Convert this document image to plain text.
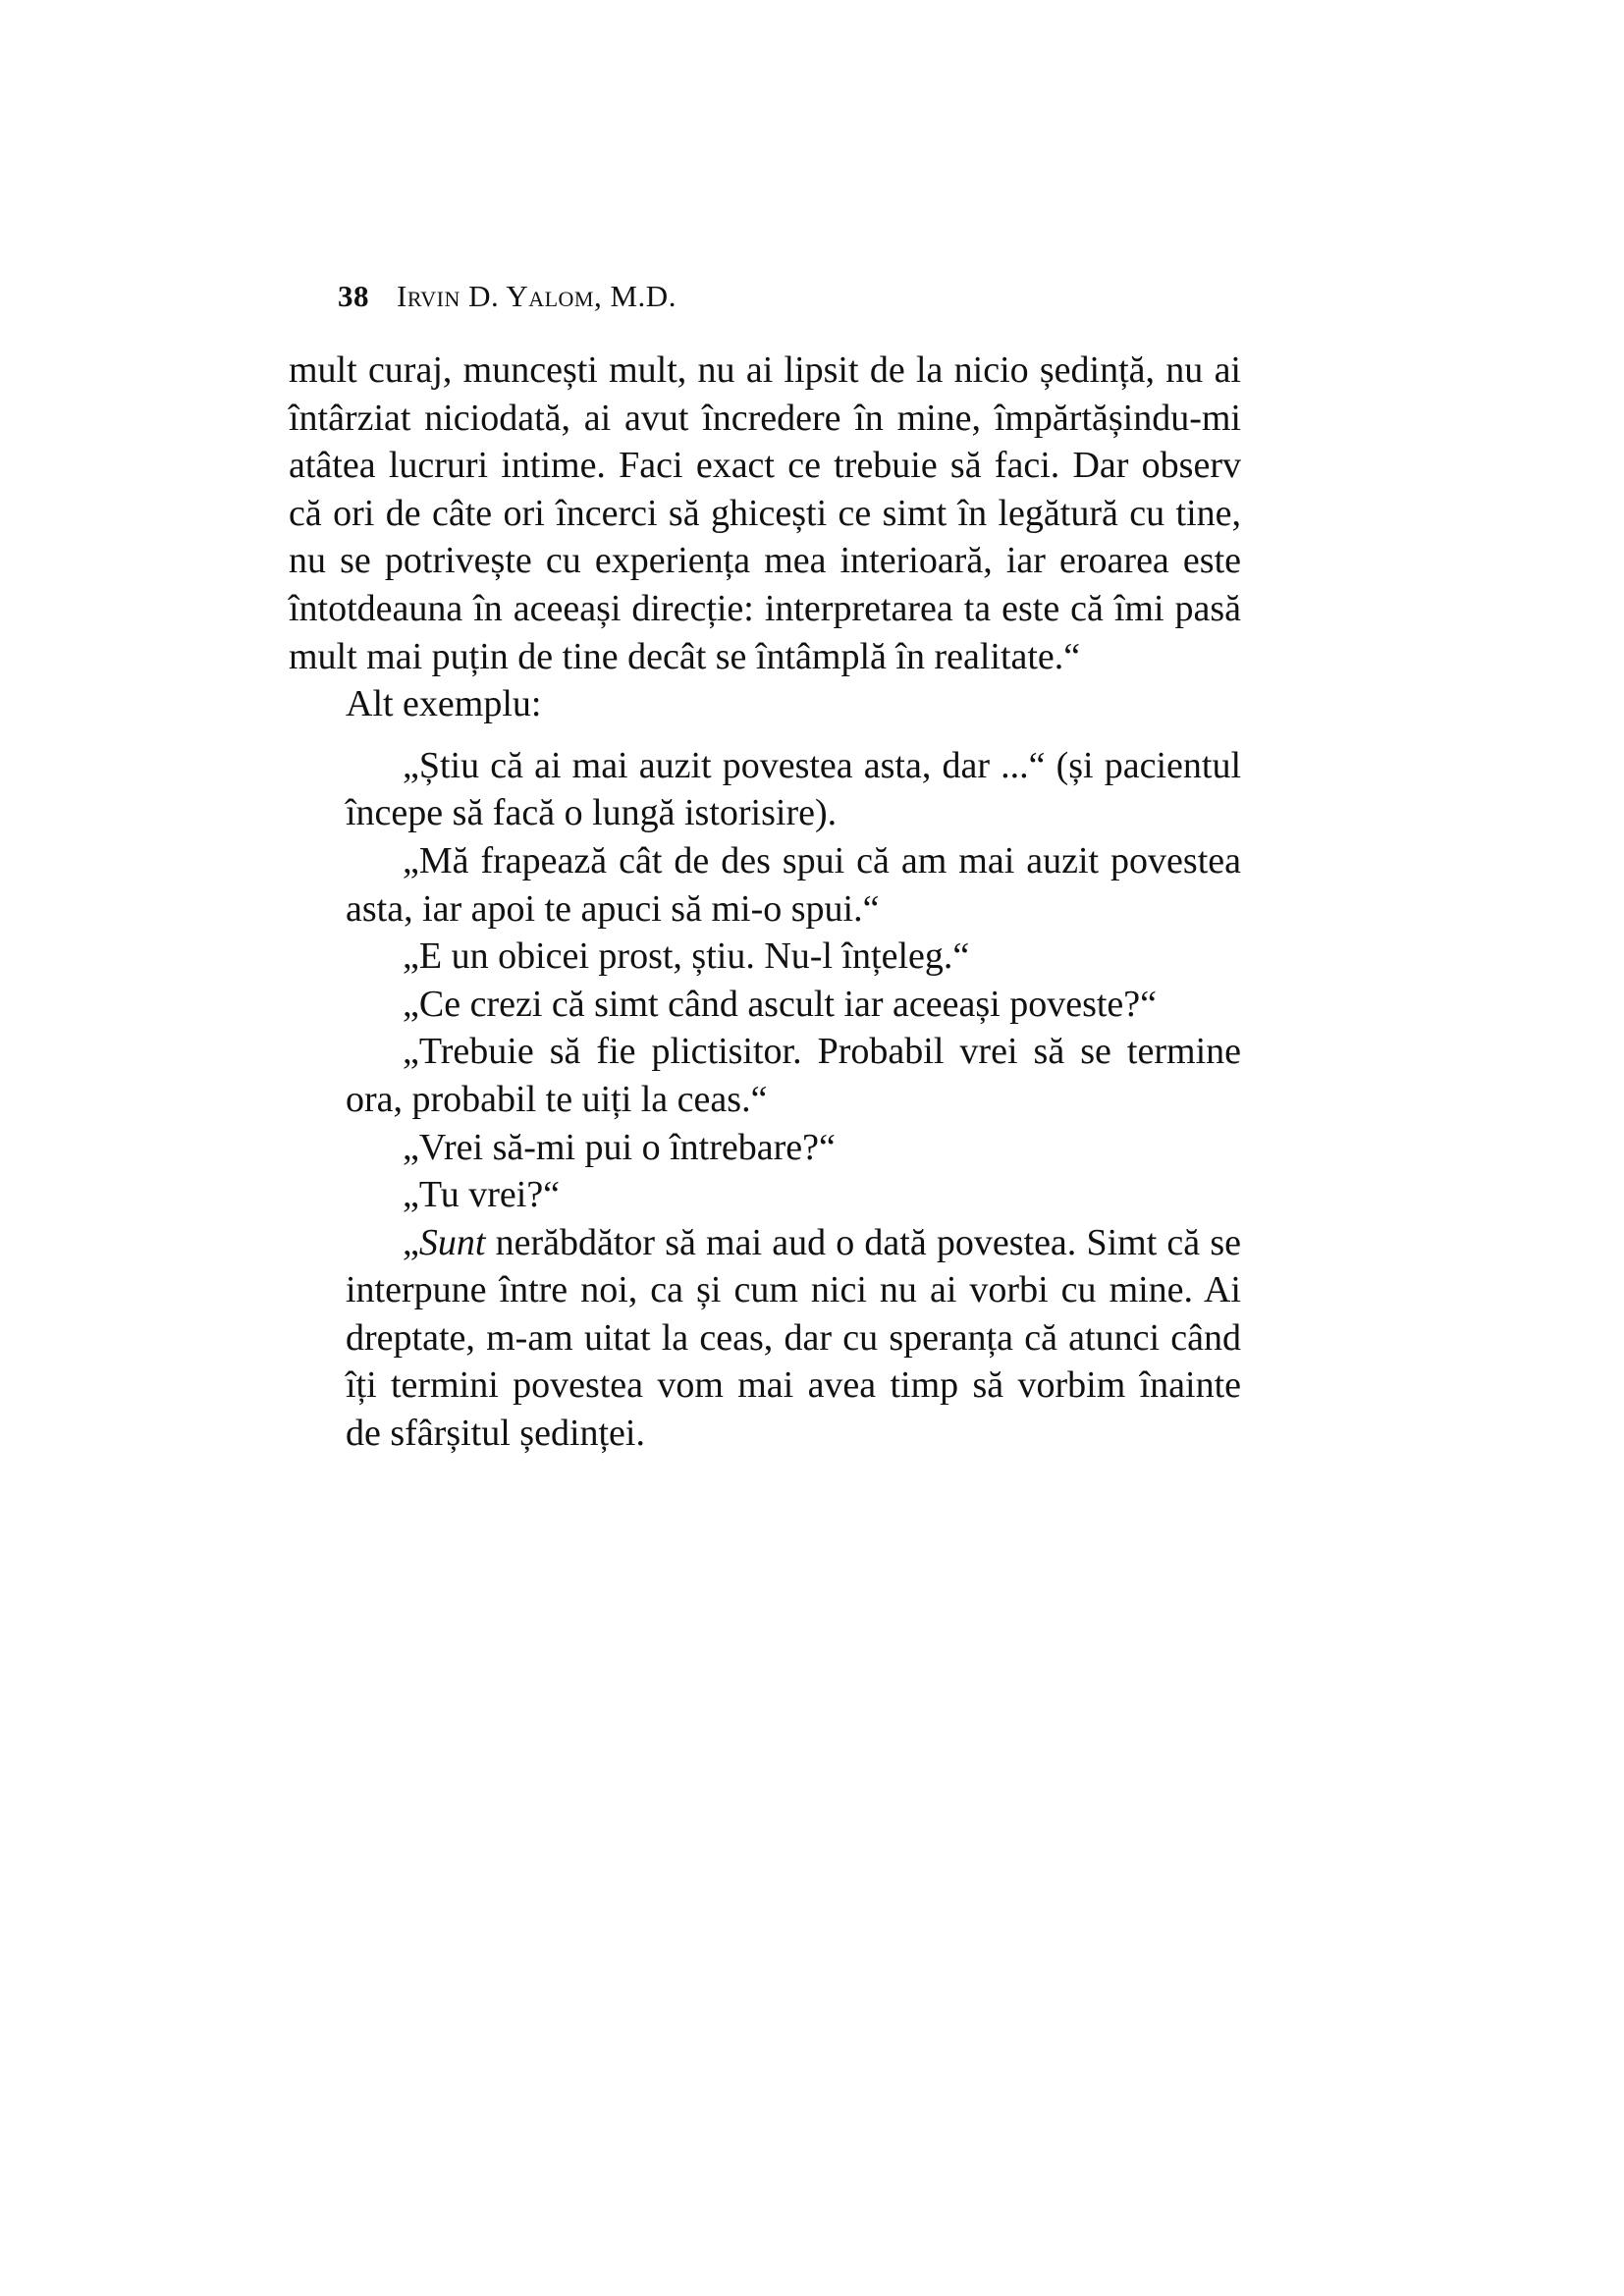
38 Irvin D. Yalom, M.D.

mult curaj, muncești mult, nu ai lipsit de la nicio ședință, nu ai întârziat niciodată, ai avut încredere în mine, împărtășindu-mi atâtea lucruri intime. Faci exact ce trebuie să faci. Dar observ că ori de câte ori încerci să ghicești ce simt în legătură cu tine, nu se potrivește cu experiența mea interioară, iar eroarea este întotdeauna în aceeași direcție: interpretarea ta este că îmi pasă mult mai puțin de tine decât se întâmplă în realitate.“

Alt exemplu:

„Știu că ai mai auzit povestea asta, dar ...“ (și pacientul începe să facă o lungă istorisire).

„Mă frapează cât de des spui că am mai auzit povestea asta, iar apoi te apuci să mi-o spui.“

„E un obicei prost, știu. Nu-l înțeleg.“

„Ce crezi că simt când ascult iar aceeași poveste?“

„Trebuie să fie plictisitor. Probabil vrei să se termine ora, probabil te uiți la ceas.“

„Vrei să-mi pui o întrebare?“

„Tu vrei?“

„Sunt nerăbdător să mai aud o dată povestea. Simt că se interpune între noi, ca și cum nici nu ai vorbi cu mine. Ai dreptate, m-am uitat la ceas, dar cu speranța că atunci când îți termini povestea vom mai avea timp să vorbim înainte de sfârșitul ședinței.
